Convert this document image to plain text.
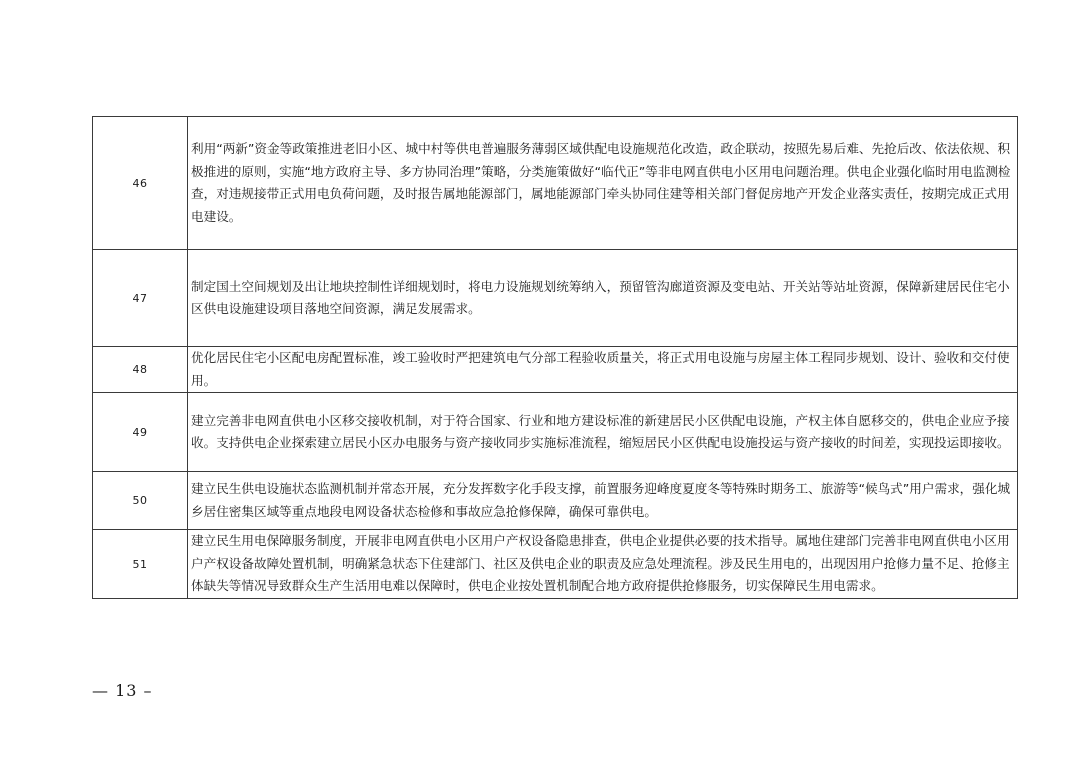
46	利用“两新”资金等政策推进老旧小区、城中村等供电普遍服务薄弱区域供配电设施规范化改造，政企联动，按照先易后难、先抢后改、依法依规、积极推进的原则，实施“地方政府主导、多方协同治理”策略，分类施策做好“临代正”等非电网直供电小区用电问题治理。供电企业强化临时用电监测检查，对违规接带正式用电负荷问题，及时报告属地能源部门，属地能源部门牵头协同住建等相关部门督促房地产开发企业落实责任，按期完成正式用电建设。
47	制定国土空间规划及出让地块控制性详细规划时，将电力设施规划统筹纳入，预留管沟廊道资源及变电站、开关站等站址资源，保障新建居民住宅小区供电设施建设项目落地空间资源，满足发展需求。
48	优化居民住宅小区配电房配置标准，竣工验收时严把建筑电气分部工程验收质量关，将正式用电设施与房屋主体工程同步规划、设计、验收和交付使用。
49	建立完善非电网直供电小区移交接收机制，对于符合国家、行业和地方建设标准的新建居民小区供配电设施，产权主体自愿移交的，供电企业应予接收。支持供电企业探索建立居民小区办电服务与资产接收同步实施标准流程，缩短居民小区供配电设施投运与资产接收的时间差，实现投运即接收。
50	建立民生供电设施状态监测机制并常态开展，充分发挥数字化手段支撑，前置服务迎峰度夏度冬等特殊时期务工、旅游等“候鸟式”用户需求，强化城乡居住密集区域等重点地段电网设备状态检修和事故应急抢修保障，确保可靠供电。
51	建立民生用电保障服务制度，开展非电网直供电小区用户产权设备隐患排查，供电企业提供必要的技术指导。属地住建部门完善非电网直供电小区用户产权设备故障处置机制，明确紧急状态下住建部门、社区及供电企业的职责及应急处理流程。涉及民生用电的，出现因用户抢修力量不足、抢修主体缺失等情况导致群众生产生活用电难以保障时，供电企业按处置机制配合地方政府提供抢修服务，切实保障民生用电需求。
— 13 –
